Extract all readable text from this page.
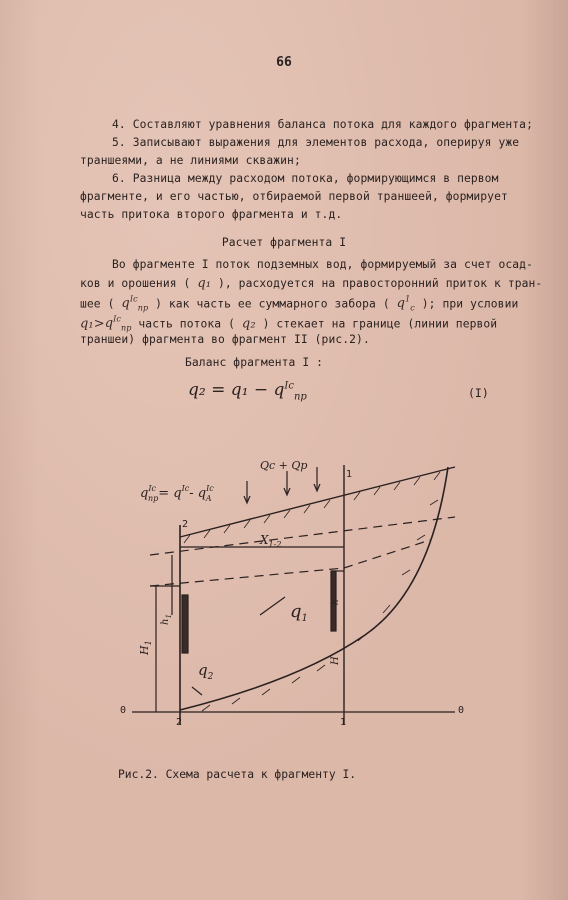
66
4. Составляют уравнения баланса потока для каждого фрагмента;
5. Записывают выражения для элементов расхода, оперируя уже
траншеями, а не линиями скважин;
6. Разница между расходом потока, формирующимся в первом
фрагменте, и его частью, отбираемой первой траншеей, формирует
часть притока второго фрагмента и т.д.
Расчет фрагмента I
Во фрагменте I поток подземных вод, формируемый за счет осад-
ков и орошения ( q₁ ), расходуется на правосторонний приток к тран-
шее ( $q^{Ic}_{пр}$ ) как часть ее суммарного забора ( $q^1_c$ ); при условии
$q_1>q^{Ic}_{пр}$ часть потока ( q₂ ) стекает на границе (линии первой
траншеи) фрагмента во фрагмент II (рис.2).
Баланс фрагмента I :
$q_2 = q_1 - q^{Ic}_{пр}$	(I)
$q^{Ic}$ $пр= q^{Ic}-$ $q^{Ic}$ A
Qc + Qp
$X_{1-2}$
$q_1$
$q_2$
$H_1$
$h_1$
H
h
0	0
2	1
2
1
Рис.2. Схема расчета к фрагменту I.
